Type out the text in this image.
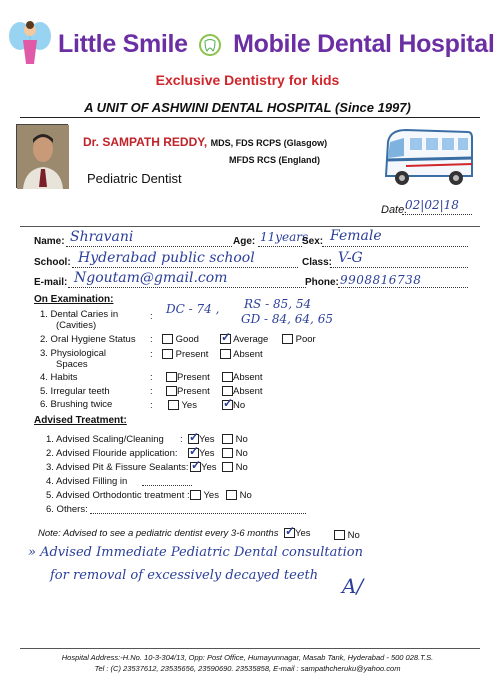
Little Smile Mobile Dental Hospital
Exclusive Dentistry for kids
A UNIT OF ASHWINI DENTAL HOSPITAL (Since 1997)
Dr. SAMPATH REDDY, MDS, FDS RCPS (Glasgow)
MFDS RCS (England)
Pediatric Dentist
Date:
02|02|18
Name: Shravani	Age: 11years
Sex: Female
School: Hyderabad public school	Class: V-G
E-mail: Ngoutam@gmail.com	Phone: 9908816738
On Examination:
1. Dental Caries in
(Cavities)
:
DC - 74 , RS - 85, 54
GD - 84, 64, 65
2. Oral Hygiene Status :	Good ✓	Average	Poor
3. Physiological
Spaces
:	Present	Absent
4. Habits	:	Present	Absent
5. Irregular teeth	:	Present	Absent
6. Brushing twice	:	Yes ✓	No
Advised Treatment:
1. Advised Scaling/Cleaning : ✓	Yes	No
2. Advised Flouride application: ✓	Yes	No
3. Advised Pit & Fissure Sealants: ✓	Yes	No
4. Advised Filling in
5. Advised Orthodontic treatment :	Yes	No
6. Others:
Note: Advised to see a pediatric dentist every 3-6 months ✓	Yes	No
» Advised Immediate Pediatric Dental consultation
for removal of excessively decayed teeth A/
Hospital Address:-H.No. 10-3-304/13, Opp: Post Office, Humayunnagar, Masab Tank, Hyderabad - 500 028.T.S.
Tel : (C) 23537612, 23535656, 23590690. 23535858, E-mail : sampathcheruku@yahoo.com
